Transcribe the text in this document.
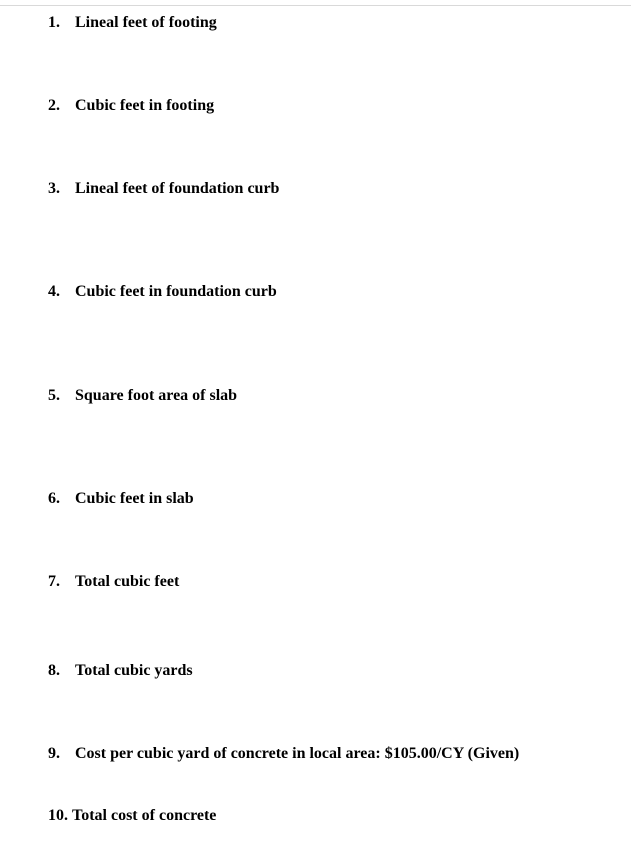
1. Lineal feet of footing
2. Cubic feet in footing
3. Lineal feet of foundation curb
4. Cubic feet in foundation curb
5. Square foot area of slab
6. Cubic feet in slab
7. Total cubic feet
8. Total cubic yards
9. Cost per cubic yard of concrete in local area: $105.00/CY (Given)
10. Total cost of concrete
